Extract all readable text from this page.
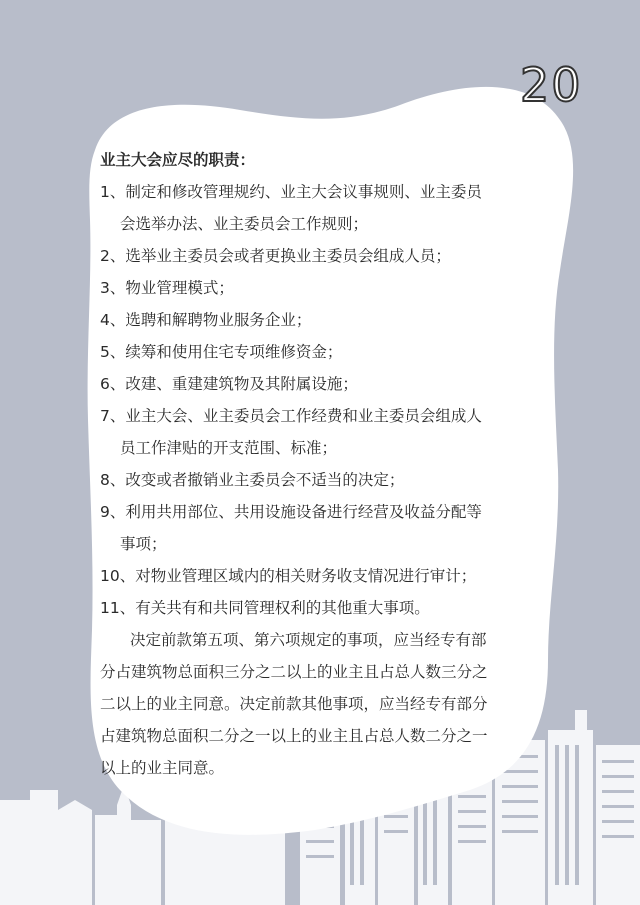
20
业主大会应尽的职责：
1、制定和修改管理规约、业主大会议事规则、业主委员
会选举办法、业主委员会工作规则；
2、选举业主委员会或者更换业主委员会组成人员；
3、物业管理模式；
4、选聘和解聘物业服务企业；
5、续筹和使用住宅专项维修资金；
6、改建、重建建筑物及其附属设施；
7、业主大会、业主委员会工作经费和业主委员会组成人
员工作津贴的开支范围、标准；
8、改变或者撤销业主委员会不适当的决定；
9、利用共用部位、共用设施设备进行经营及收益分配等
事项；
10、对物业管理区域内的相关财务收支情况进行审计；
11、有关共有和共同管理权利的其他重大事项。
决定前款第五项、第六项规定的事项，应当经专有部
分占建筑物总面积三分之二以上的业主且占总人数三分之
二以上的业主同意。决定前款其他事项，应当经专有部分
占建筑物总面积二分之一以上的业主且占总人数二分之一
以上的业主同意。
